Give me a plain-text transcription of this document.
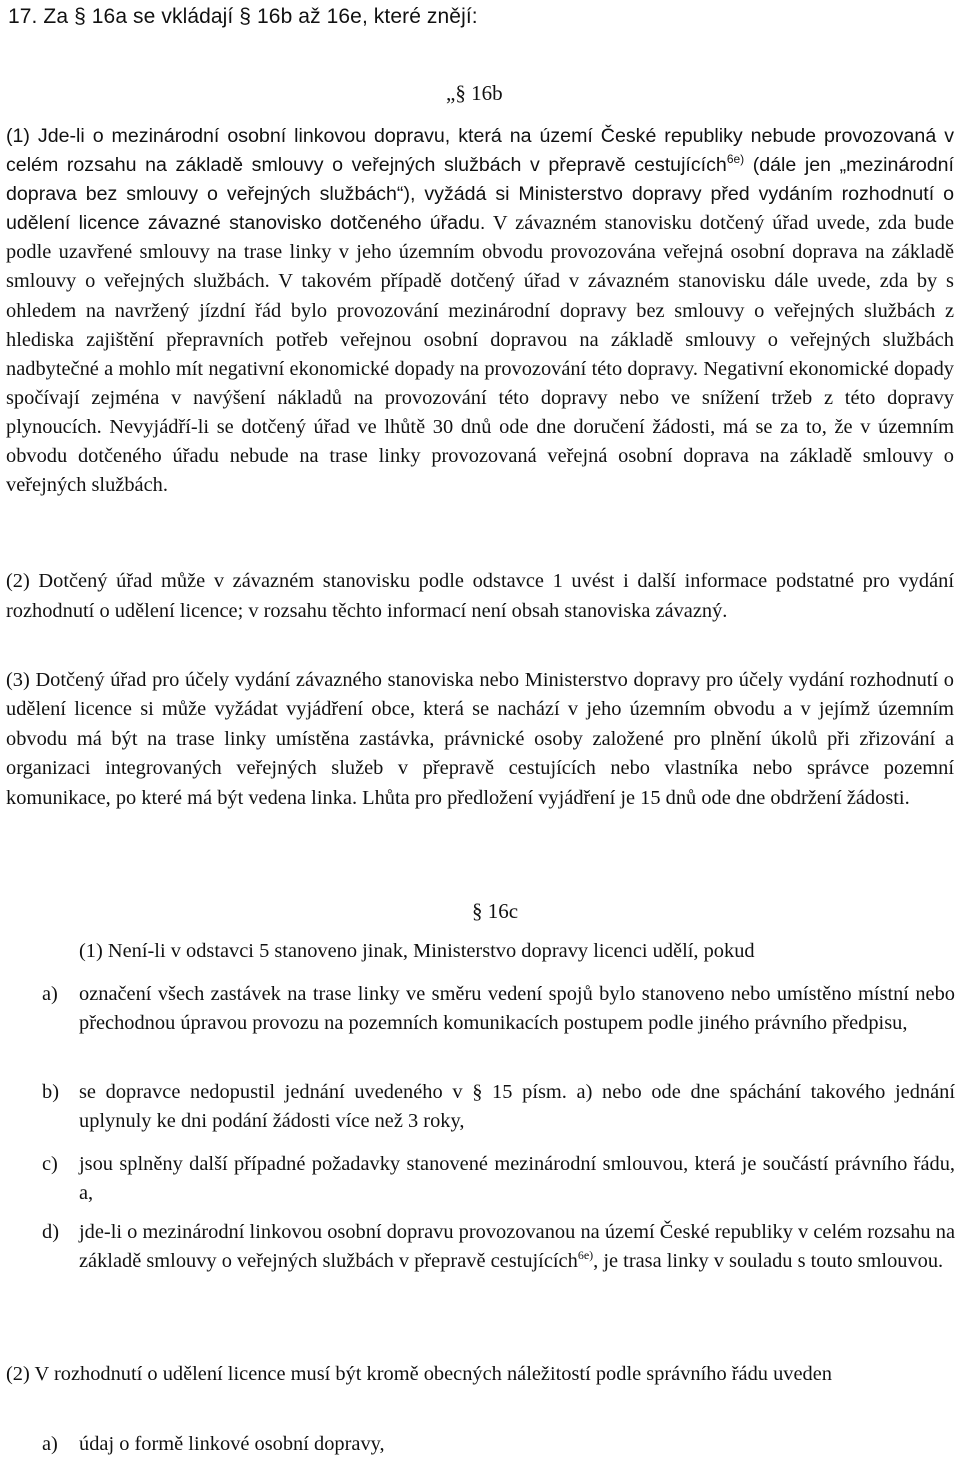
17. Za § 16a se vkládají § 16b až 16e, které znějí:
„§ 16b
(1) Jde-li o mezinárodní osobní linkovou dopravu, která na území České republiky nebude provozovaná v celém rozsahu na základě smlouvy o veřejných službách v přepravě cestujících$^{6e)}$ (dále jen „mezinárodní doprava bez smlouvy o veřejných službách“), vyžádá si Ministerstvo dopravy před vydáním rozhodnutí o udělení licence závazné stanovisko dotčeného úřadu. V závazném stanovisku dotčený úřad uvede, zda bude podle uzavřené smlouvy na trase linky v jeho územním obvodu provozována veřejná osobní doprava na základě smlouvy o veřejných službách. V takovém případě dotčený úřad v závazném stanovisku dále uvede, zda by s ohledem na navržený jízdní řád bylo provozování mezinárodní dopravy bez smlouvy o veřejných službách z hlediska zajištění přepravních potřeb veřejnou osobní dopravou na základě smlouvy o veřejných službách nadbytečné a mohlo mít negativní ekonomické dopady na provozování této dopravy. Negativní ekonomické dopady spočívají zejména v navýšení nákladů na provozování této dopravy nebo ve snížení tržeb z této dopravy plynoucích. Nevyjádří-li se dotčený úřad ve lhůtě 30 dnů ode dne doručení žádosti, má se za to, že v územním obvodu dotčeného úřadu nebude na trase linky provozovaná veřejná osobní doprava na základě smlouvy o veřejných službách.
(2) Dotčený úřad může v závazném stanovisku podle odstavce 1 uvést i další informace podstatné pro vydání rozhodnutí o udělení licence; v rozsahu těchto informací není obsah stanoviska závazný.
(3) Dotčený úřad pro účely vydání závazného stanoviska nebo Ministerstvo dopravy pro účely vydání rozhodnutí o udělení licence si může vyžádat vyjádření obce, která se nachází v jeho územním obvodu a v jejímž územním obvodu má být na trase linky umístěna zastávka, právnické osoby založené pro plnění úkolů při zřizování a organizaci integrovaných veřejných služeb v přepravě cestujících nebo vlastníka nebo správce pozemní komunikace, po které má být vedena linka. Lhůta pro předložení vyjádření je 15 dnů ode dne obdržení žádosti.
§ 16c
(1) Není-li v odstavci 5 stanoveno jinak, Ministerstvo dopravy licenci udělí, pokud
a)	označení všech zastávek na trase linky ve směru vedení spojů bylo stanoveno nebo umístěno místní nebo přechodnou úpravou provozu na pozemních komunikacích postupem podle jiného právního předpisu,
b) se dopravce nedopustil jednání uvedeného v § 15 písm. a) nebo ode dne spáchání takového jednání uplynuly ke dni podání žádosti více než 3 roky,
c)	jsou splněny další případné požadavky stanovené mezinárodní smlouvou, která je součástí právního řádu, a,
d) jde-li o mezinárodní linkovou osobní dopravu provozovanou na území České republiky v celém rozsahu na základě smlouvy o veřejných službách v přepravě cestujících$^{6e)}$, je trasa linky v souladu s touto smlouvou.
(2) V rozhodnutí o udělení licence musí být kromě obecných náležitostí podle správního řádu uveden
a)	údaj o formě linkové osobní dopravy,
